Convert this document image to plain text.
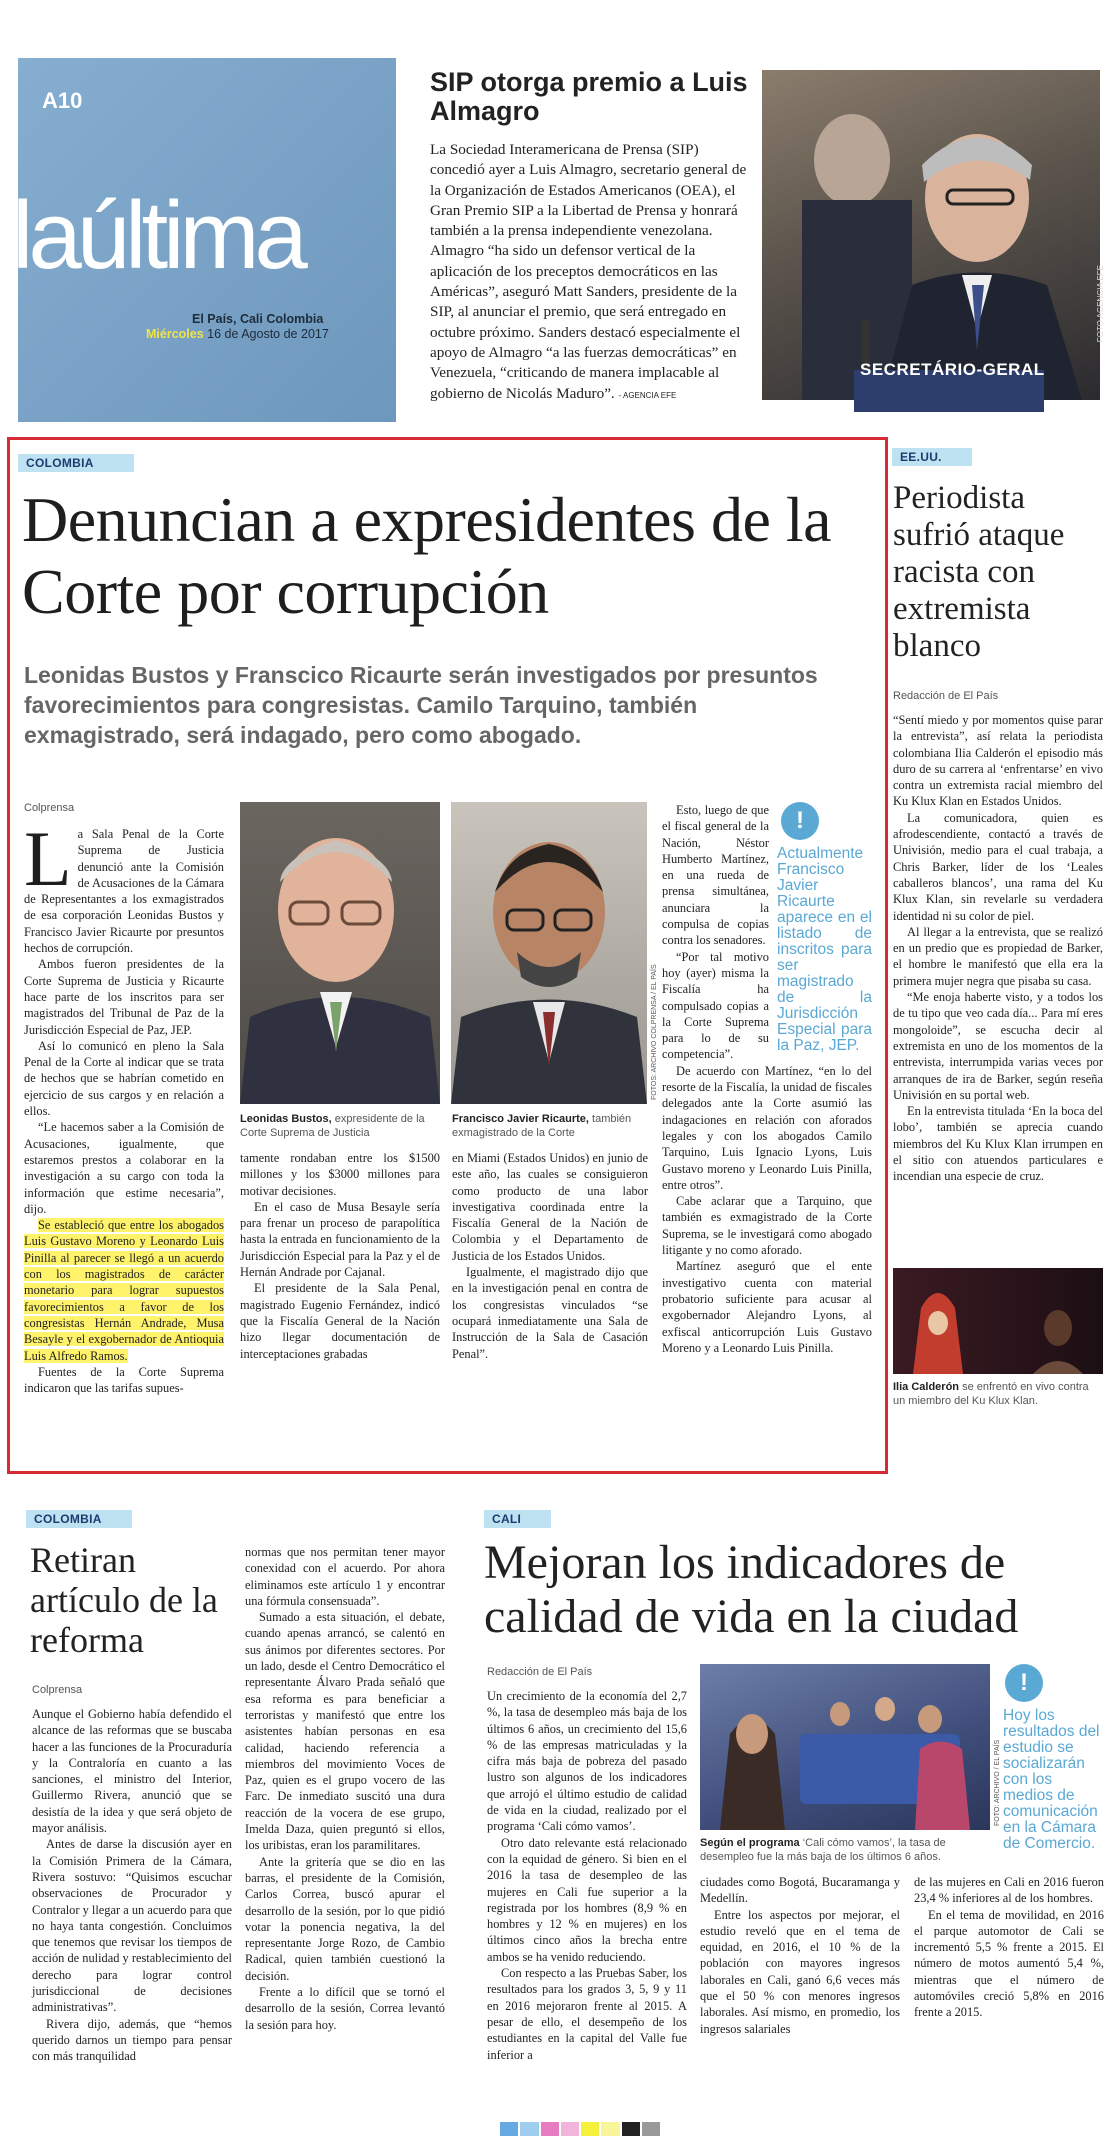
A10
laúltima
El País, Cali Colombia
Miércoles 16 de Agosto de 2017
SIP otorga premio a Luis Almagro
La Sociedad Interamericana de Prensa (SIP) concedió ayer a Luis Almagro, secretario general de la Organización de Estados Americanos (OEA), el Gran Premio SIP a la Libertad de Prensa y honrará también a la prensa independiente venezolana. Almagro “ha sido un defensor vertical de la aplicación de los preceptos democráticos en las Américas”, aseguró Matt Sanders, presidente de la SIP, al anunciar el premio, que será entregado en octubre próximo. Sanders destacó especialmente el apoyo de Almagro “a las fuerzas democráticas” en Venezuela, “criticando de manera implacable al gobierno de Nicolás Maduro”. - AGENCIA EFE
SECRETÁRIO-GERAL
FOTO AGENCIA EFE
COLOMBIA
Denuncian a expresidentes de la Corte por corrupción
Leonidas Bustos y Franscico Ricaurte serán investigados por presuntos favorecimientos para congresistas. Camilo Tarquino, también exmagistrado, será indagado, pero como abogado.
Colprensa
L a Sala Penal de la Corte Suprema de Justicia denunció ante la Comisión de Acusaciones de la Cámara de Representantes a los exmagistrados de esa corporación Leonidas Bustos y Francisco Javier Ricaurte por presuntos hechos de corrupción.

Ambos fueron presidentes de la Corte Suprema de Justicia y Ricaurte hace parte de los inscritos para ser magistrados del Tribunal de Paz de la Jurisdicción Especial de Paz, JEP.

Así lo comunicó en pleno la Sala Penal de la Corte al indicar que se trata de hechos que se habrían cometido en ejercicio de sus cargos y en relación a ellos.

“Le hacemos saber a la Comisión de Acusaciones, igualmente, que estaremos prestos a colaborar en la investigación a su cargo con toda la información que estime necesaria”, dijo.

Se estableció que entre los abogados Luis Gustavo Moreno y Leonardo Luis Pinilla al parecer se llegó a un acuerdo con los magistrados de carácter monetario para lograr supuestos favorecimientos a favor de los congresistas Hernán Andrade, Musa Besayle y el exgobernador de Antioquia Luis Alfredo Ramos.

Fuentes de la Corte Suprema indicaron que las tarifas supues-

Leonidas Bustos, expresidente de la Corte Suprema de Justicia
FOTOS: ARCHIVO COLPRENSA / EL PAÍS
Francisco Javier Ricaurte, también exmagistrado de la Corte

tamente rondaban entre los $1500 millones y los $3000 millones para motivar decisiones.

En el caso de Musa Besayle sería para frenar un proceso de parapolítica hasta la entrada en funcionamiento de la Jurisdicción Especial para la Paz y el de Hernán Andrade por Cajanal.

El presidente de la Sala Penal, magistrado Eugenio Fernández, indicó que la Fiscalía General de la Nación hizo llegar documentación de interceptaciones grabadas

en Miami (Estados Unidos) en junio de este año, las cuales se consiguieron como producto de una labor investigativa coordinada entre la Fiscalía General de la Nación de Colombia y el Departamento de Justicia de los Estados Unidos.

Igualmente, el magistrado dijo que en la investigación penal en contra de los congresistas vinculados “se ocupará inmediatamente una Sala de Instrucción de la Sala de Casación Penal”.

!
Actualmente Francisco Javier Ricaurte aparece en el listado de inscritos para ser magistrado de la Jurisdicción Especial para la Paz, JEP.

Esto, luego de que el fiscal general de la Nación, Néstor Humberto Martínez, en una rueda de prensa simultánea, anunciara la compulsa de copias contra los senadores.

“Por tal motivo hoy (ayer) misma la Fiscalía ha compulsado copias a la Corte Suprema para lo de su competencia”.

De acuerdo con Martínez, “en lo del resorte de la Fiscalía, la unidad de fiscales delegados ante la Corte asumió las indagaciones en relación con aforados legales y con los abogados Camilo Tarquino, Luis Ignacio Lyons, Luis Gustavo moreno y Leonardo Luis Pinilla, entre otros”.

Cabe aclarar que a Tarquino, que también es exmagistrado de la Corte Suprema, se le investigará como abogado litigante y no como aforado.

Martínez aseguró que el ente investigativo cuenta con material probatorio suficiente para acusar al exgobernador Alejandro Lyons, al exfiscal anticorrupción Luis Gustavo Moreno y a Leonardo Luis Pinilla.

EE.UU.
Periodista sufrió ataque racista con extremista blanco
Redacción de El País

“Sentí miedo y por momentos quise parar la entrevista”, así relata la periodista colombiana Ilia Calderón el episodio más duro de su carrera al ‘enfrentarse’ en vivo contra un extremista racial miembro del Ku Klux Klan en Estados Unidos.

La comunicadora, quien es afrodescendiente, contactó a través de Univisión, medio para el cual trabaja, a Chris Barker, líder de los ‘Leales caballeros blancos’, una rama del Ku Klux Klan, sin revelarle su verdadera identidad ni su color de piel.

Al llegar a la entrevista, que se realizó en un predio que es propiedad de Barker, el hombre le manifestó que ella era la primera mujer negra que pisaba su casa.

“Me enoja haberte visto, y a todos los de tu tipo que veo cada día... Para mí eres mongoloide”, se escucha decir al extremista en uno de los momentos de la entrevista, interrumpida varias veces por arranques de ira de Barker, según reseña Univisión en su portal web.

En la entrevista titulada ‘En la boca del lobo’, también se aprecia cuando miembros del Ku Klux Klan irrumpen en el sitio con atuendos particulares e incendian una especie de cruz.

Ilia Calderón se enfrentó en vivo contra un miembro del Ku Klux Klan.
COLOMBIA
Retiran artículo de la reforma
Colprensa

Aunque el Gobierno había defendido el alcance de las reformas que se buscaba hacer a las funciones de la Procuraduría y la Contraloría en cuanto a las sanciones, el ministro del Interior, Guillermo Rivera, anunció que se desistía de la idea y que será objeto de mayor análisis.

Antes de darse la discusión ayer en la Comisión Primera de la Cámara, Rivera sostuvo: “Quisimos escuchar observaciones de Procurador y Contralor y llegar a un acuerdo para que no haya tanta congestión. Concluimos que tenemos que revisar los tiempos de acción de nulidad y restablecimiento del derecho para lograr control jurisdiccional de decisiones administrativas”.

Rivera dijo, además, que “hemos querido darnos un tiempo para pensar con más tranquilidad

normas que nos permitan tener mayor conexidad con el acuerdo. Por ahora eliminamos este artículo 1 y encontrar una fórmula consensuada”.

Sumado a esta situación, el debate, cuando apenas arrancó, se calentó en sus ánimos por diferentes sectores. Por un lado, desde el Centro Democrático el representante Álvaro Prada señaló que esa reforma es para beneficiar a terroristas y manifestó que entre los asistentes habían personas en esa calidad, haciendo referencia a miembros del movimiento Voces de Paz, quien es el grupo vocero de las Farc. De inmediato suscitó una dura reacción de la vocera de ese grupo, Imelda Daza, quien preguntó si ellos, los uribistas, eran los paramilitares.

Ante la gritería que se dio en las barras, el presidente de la Comisión, Carlos Correa, buscó apurar el desarrollo de la sesión, por lo que pidió votar la ponencia negativa, la del representante Jorge Rozo, de Cambio Radical, quien también cuestionó la decisión.

Frente a lo difícil que se tornó el desarrollo de la sesión, Correa levantó la sesión para hoy.

CALI
Mejoran los indicadores de calidad de vida en la ciudad
Redacción de El País

Un crecimiento de la economía del 2,7 %, la tasa de desempleo más baja de los últimos 6 años, un crecimiento del 15,6 % de las empresas matriculadas y la cifra más baja de pobreza del pasado lustro son algunos de los indicadores que arrojó el último estudio de calidad de vida en la ciudad, realizado por el programa ‘Cali cómo vamos’.

Otro dato relevante está relacionado con la equidad de género. Si bien en el 2016 la tasa de desempleo de las mujeres en Cali fue superior a la registrada por los hombres (8,9 % en hombres y 12 % en mujeres) en los últimos cinco años la brecha entre ambos se ha venido reduciendo.

Con respecto a las Pruebas Saber, los resultados para los grados 3, 5, 9 y 11 en 2016 mejoraron frente al 2015. A pesar de ello, el desempeño de los estudiantes en la capital del Valle fue inferior a

FOTO: ARCHIVO / EL PAÍS
!
Hoy los resultados del estudio se socializarán con los medios de comunicación en la Cámara de Comercio.
Según el programa ‘Cali cómo vamos’, la tasa de desempleo fue la más baja de los últimos 6 años.

ciudades como Bogotá, Bucaramanga y Medellín.

Entre los aspectos por mejorar, el estudio reveló que en el tema de equidad, en 2016, el 10 % de la población con mayores ingresos laborales en Cali, ganó 6,6 veces más que el 50 % con menores ingresos laborales. Así mismo, en promedio, los ingresos salariales

de las mujeres en Cali en 2016 fueron 23,4 % inferiores al de los hombres.

En el tema de movilidad, en 2016 el parque automotor de Cali se incrementó 5,5 % frente a 2015. El número de motos aumentó 5,4 %, mientras que el número de automóviles creció 5,8% en 2016 frente a 2015.
